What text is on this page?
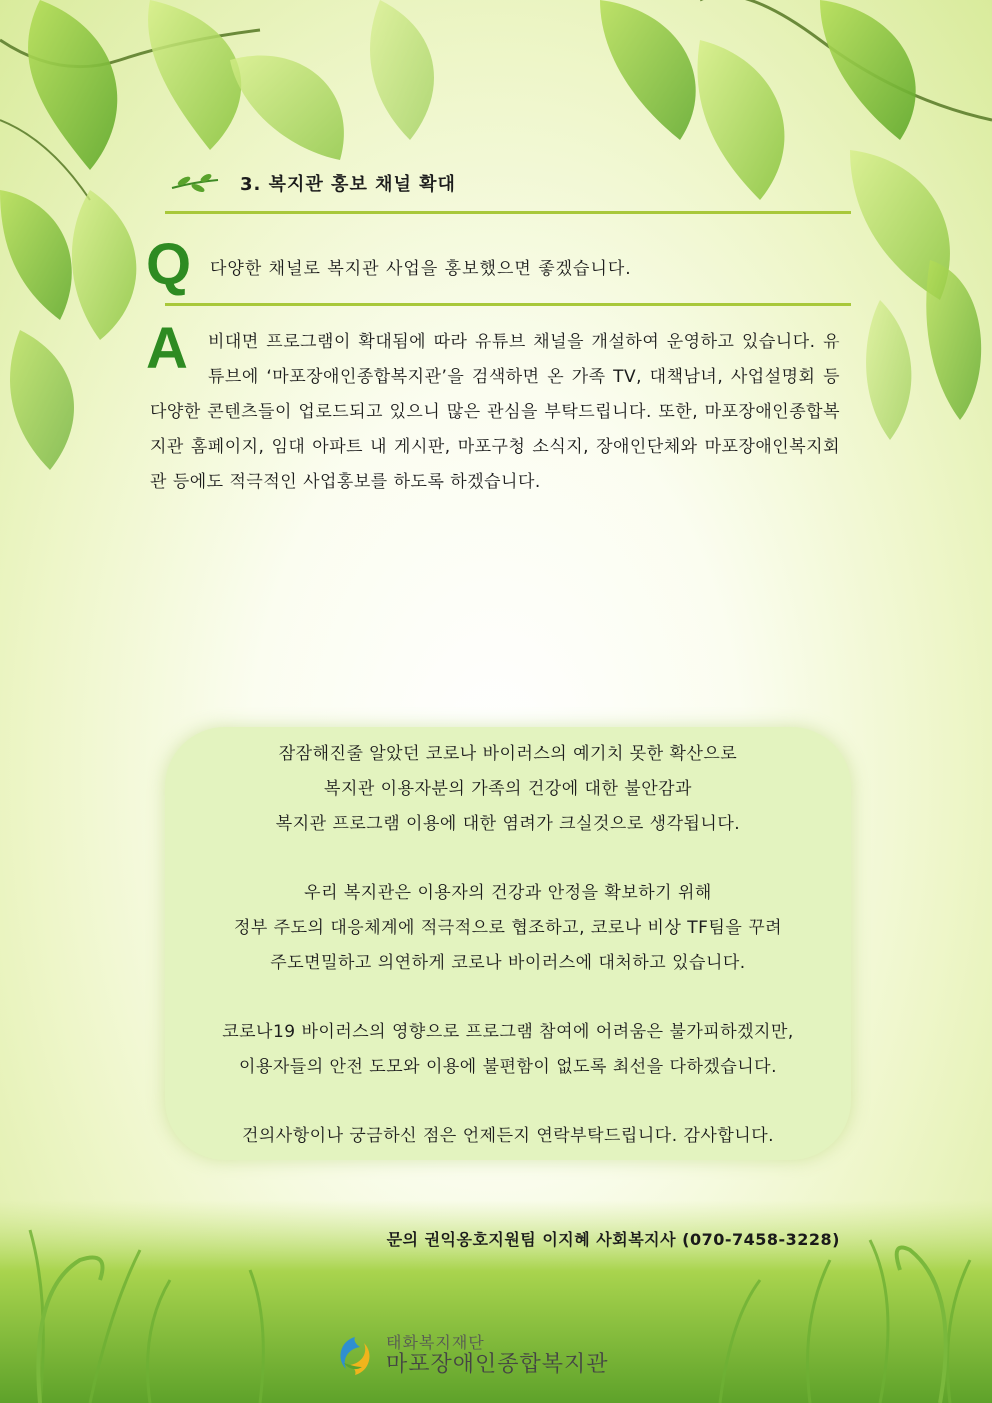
3. 복지관 홍보 채널 확대
Q 다양한 채널로 복지관 사업을 홍보했으면 좋겠습니다.
A	비대면 프로그램이 확대됨에 따라 유튜브 채널을 개설하여 운영하고 있습니다. 유튜브에 ‘마포장애인종합복지관’을 검색하면 온 가족 TV, 대책남녀, 사업설명회 등 다양한 콘텐츠들이 업로드되고 있으니 많은 관심을 부탁드립니다. 또한, 마포장애인종합복지관 홈페이지, 임대 아파트 내 게시판, 마포구청 소식지, 장애인단체와 마포장애인복지회관 등에도 적극적인 사업홍보를 하도록 하겠습니다.
잠잠해진줄 알았던 코로나 바이러스의 예기치 못한 확산으로
복지관 이용자분의 가족의 건강에 대한 불안감과
복지관 프로그램 이용에 대한 염려가 크실것으로 생각됩니다.
우리 복지관은 이용자의 건강과 안정을 확보하기 위해
정부 주도의 대응체계에 적극적으로 협조하고, 코로나 비상 TF팀을 꾸려
주도면밀하고 의연하게 코로나 바이러스에 대처하고 있습니다.
코로나19 바이러스의 영향으로 프로그램 참여에 어려움은 불가피하겠지만,
이용자들의 안전 도모와 이용에 불편함이 없도록 최선을 다하겠습니다.
건의사항이나 궁금하신 점은 언제든지 연락부탁드립니다. 감사합니다.
문의 권익옹호지원팀 이지혜 사회복지사 (070-7458-3228)
태화복지재단
마포장애인종합복지관
